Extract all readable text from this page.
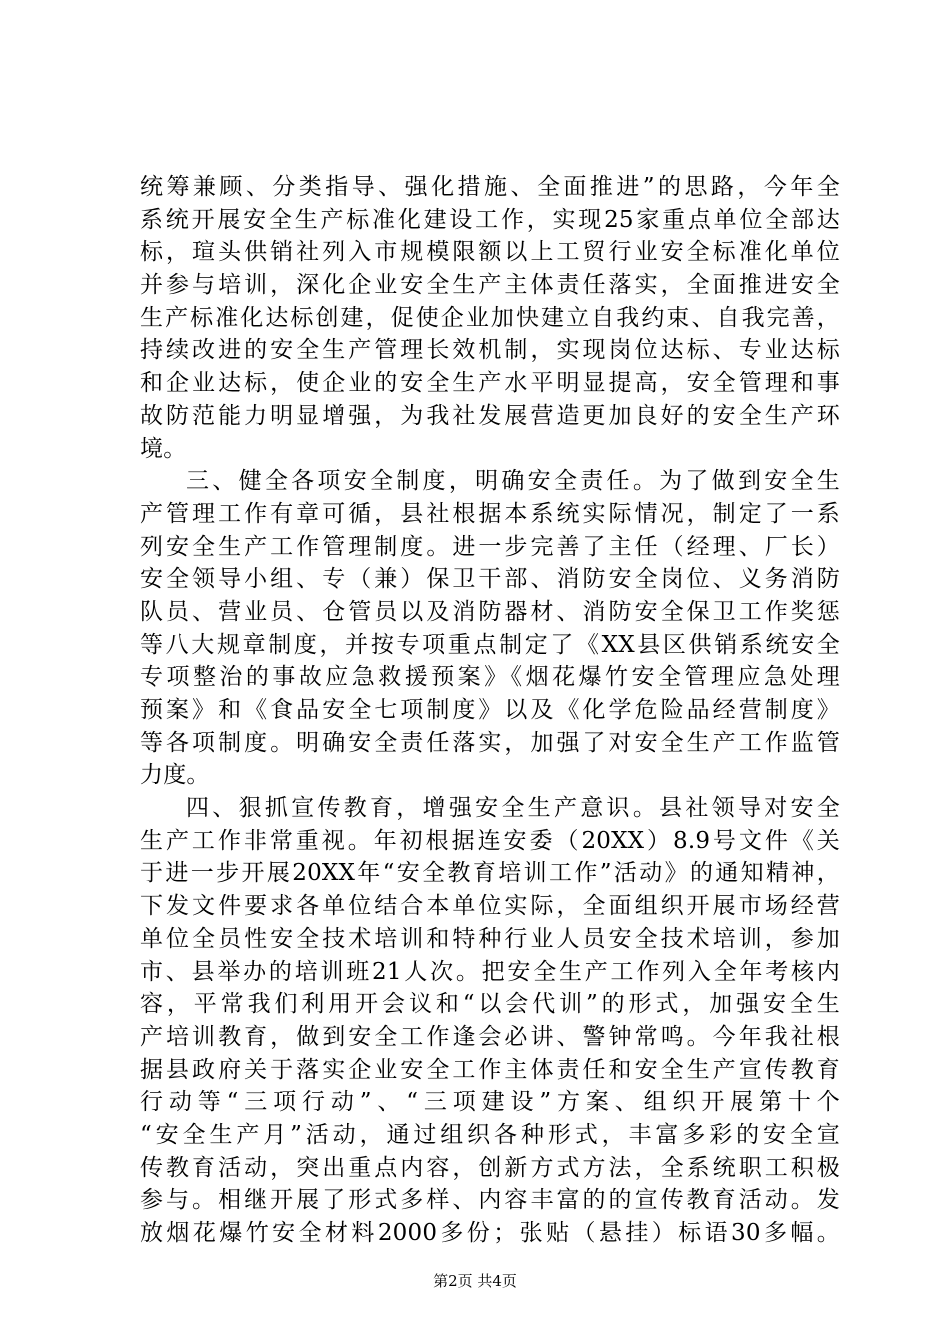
统筹兼顾、分类指导、强化措施、全面推进”的思路，今年全
系统开展安全生产标准化建设工作，实现25家重点单位全部达
标，瑄头供销社列入市规模限额以上工贸行业安全标准化单位
并参与培训，深化企业安全生产主体责任落实，全面推进安全
生产标准化达标创建，促使企业加快建立自我约束、自我完善，
持续改进的安全生产管理长效机制，实现岗位达标、专业达标
和企业达标，使企业的安全生产水平明显提高，安全管理和事
故防范能力明显增强，为我社发展营造更加良好的安全生产环
境。
三、健全各项安全制度，明确安全责任。为了做到安全生
产管理工作有章可循，县社根据本系统实际情况，制定了一系
列安全生产工作管理制度。进一步完善了主任（经理、厂长）
安全领导小组、专（兼）保卫干部、消防安全岗位、义务消防
队员、营业员、仓管员以及消防器材、消防安全保卫工作奖惩
等八大规章制度，并按专项重点制定了《XX县区供销系统安全
专项整治的事故应急救援预案》《烟花爆竹安全管理应急处理
预案》和《食品安全七项制度》以及《化学危险品经营制度》
等各项制度。明确安全责任落实，加强了对安全生产工作监管
力度。
四、狠抓宣传教育，增强安全生产意识。县社领导对安全
生产工作非常重视。年初根据连安委（20XX）8.9号文件《关
于进一步开展20XX年“安全教育培训工作”活动》的通知精神，
下发文件要求各单位结合本单位实际，全面组织开展市场经营
单位全员性安全技术培训和特种行业人员安全技术培训，参加
市、县举办的培训班21人次。把安全生产工作列入全年考核内
容，平常我们利用开会议和“以会代训”的形式，加强安全生
产培训教育，做到安全工作逢会必讲、警钟常鸣。今年我社根
据县政府关于落实企业安全工作主体责任和安全生产宣传教育
行动等“三项行动”、“三项建设”方案、组织开展第十个
“安全生产月”活动，通过组织各种形式，丰富多彩的安全宣
传教育活动，突出重点内容，创新方式方法，全系统职工积极
参与。相继开展了形式多样、内容丰富的的宣传教育活动。发
放烟花爆竹安全材料2000多份；张贴（悬挂）标语30多幅。
第2页 共4页
